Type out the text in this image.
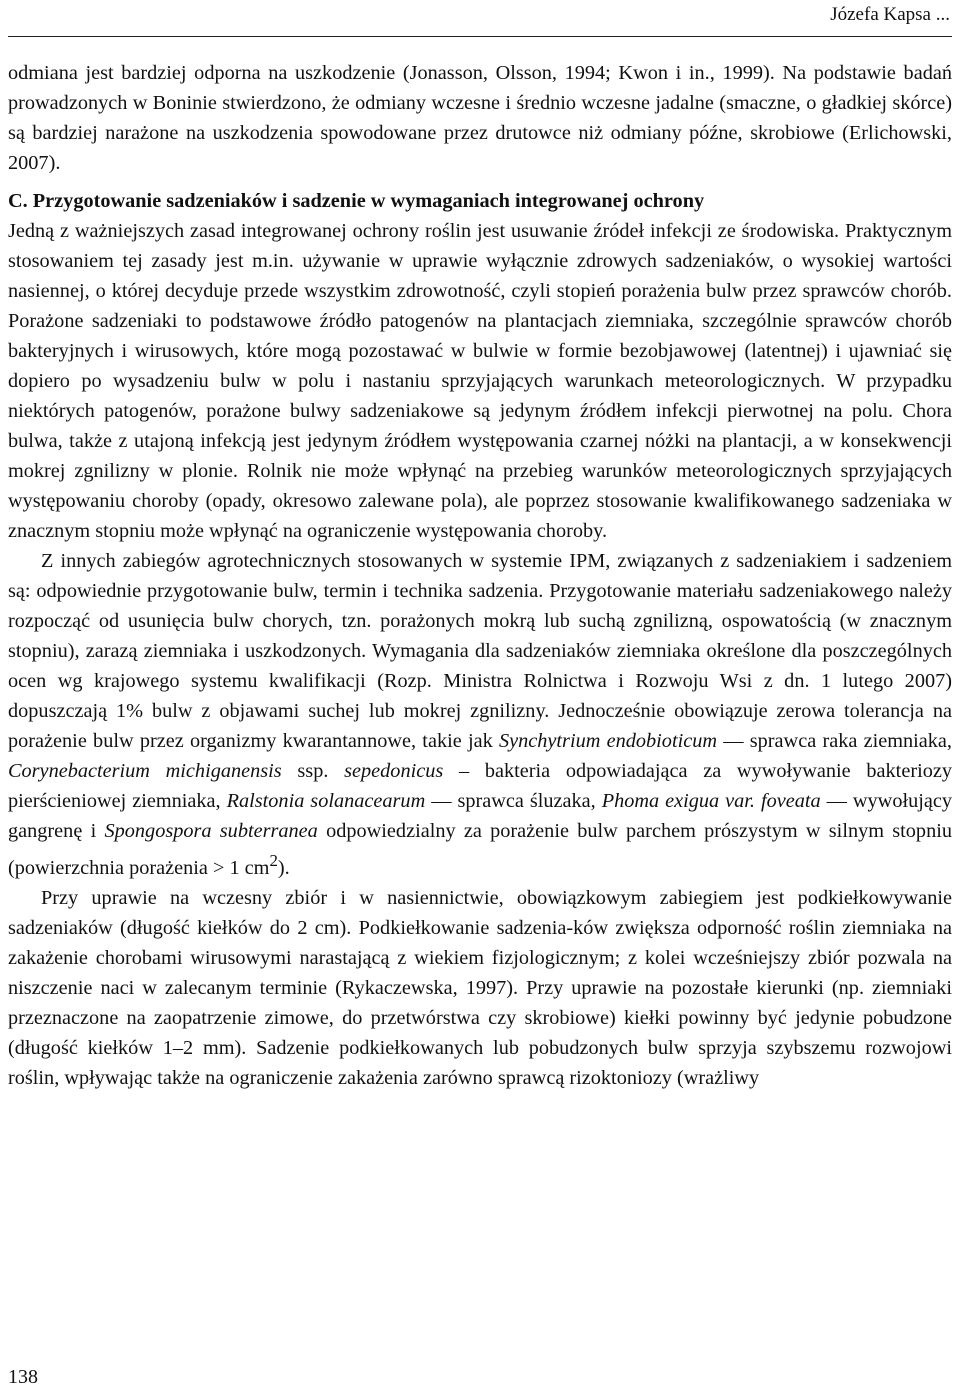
Józefa Kapsa ...

odmiana jest bardziej odporna na uszkodzenie (Jonasson, Olsson, 1994; Kwon i in., 1999). Na podstawie badań prowadzonych w Boninie stwierdzono, że odmiany wczesne i średnio wczesne jadalne (smaczne, o gładkiej skórce) są bardziej narażone na uszkodzenia spowodowane przez drutowce niż odmiany późne, skrobiowe (Erlichowski, 2007).

C. Przygotowanie sadzeniaków i sadzenie w wymaganiach integrowanej ochrony

Jedną z ważniejszych zasad integrowanej ochrony roślin jest usuwanie źródeł infekcji ze środowiska. Praktycznym stosowaniem tej zasady jest m.in. używanie w uprawie wyłącznie zdrowych sadzeniaków, o wysokiej wartości nasiennej, o której decyduje przede wszystkim zdrowotność, czyli stopień porażenia bulw przez sprawców chorób. Porażone sadzeniaki to podstawowe źródło patogenów na plantacjach ziemniaka, szczególnie sprawców chorób bakteryjnych i wirusowych, które mogą pozostawać w bulwie w formie bezobjawowej (latentnej) i ujawniać się dopiero po wysadzeniu bulw w polu i nastaniu sprzyjających warunkach meteorologicznych. W przypadku niektórych patogenów, porażone bulwy sadzeniakowe są jedynym źródłem infekcji pierwotnej na polu. Chora bulwa, także z utajoną infekcją jest jedynym źródłem występowania czarnej nóżki na plantacji, a w konsekwencji mokrej zgnilizny w plonie. Rolnik nie może wpłynąć na przebieg warunków meteorologicznych sprzyjających występowaniu choroby (opady, okresowo zalewane pola), ale poprzez stosowanie kwalifikowanego sadzeniaka w znacznym stopniu może wpłynąć na ograniczenie występowania choroby.

Z innych zabiegów agrotechnicznych stosowanych w systemie IPM, związanych z sadzeniakiem i sadzeniem są: odpowiednie przygotowanie bulw, termin i technika sadzenia. Przygotowanie materiału sadzeniakowego należy rozpocząć od usunięcia bulw chorych, tzn. porażonych mokrą lub suchą zgnilizną, ospowatością (w znacznym stopniu), zarazą ziemniaka i uszkodzonych. Wymagania dla sadzeniaków ziemniaka określone dla poszczególnych ocen wg krajowego systemu kwalifikacji (Rozp. Ministra Rolnictwa i Rozwoju Wsi z dn. 1 lutego 2007) dopuszczają 1% bulw z objawami suchej lub mokrej zgnilizny. Jednocześnie obowiązuje zerowa tolerancja na porażenie bulw przez organizmy kwarantannowe, takie jak Synchytrium endobioticum — sprawca raka ziemniaka, Corynebacterium michiganensis ssp. sepedonicus – bakteria odpowiadająca za wywoływanie bakteriozy pierścieniowej ziemniaka, Ralstonia solanacearum — sprawca śluzaka, Phoma exigua var. foveata — wywołujący gangrenę i Spongospora subterranea odpowiedzialny za porażenie bulw parchem prószystym w silnym stopniu (powierzchnia porażenia > 1 $cm^2$).

Przy uprawie na wczesny zbiór i w nasiennictwie, obowiązkowym zabiegiem jest podkiełkowywanie sadzeniaków (długość kiełków do 2 cm). Podkiełkowanie sadzenia-ków zwiększa odporność roślin ziemniaka na zakażenie chorobami wirusowymi narastającą z wiekiem fizjologicznym; z kolei wcześniejszy zbiór pozwala na niszczenie naci w zalecanym terminie (Rykaczewska, 1997). Przy uprawie na pozostałe kierunki (np. ziemniaki przeznaczone na zaopatrzenie zimowe, do przetwórstwa czy skrobiowe) kiełki powinny być jedynie pobudzone (długość kiełków 1–2 mm). Sadzenie podkiełkowanych lub pobudzonych bulw sprzyja szybszemu rozwojowi roślin, wpływając także na ograniczenie zakażenia zarówno sprawcą rizoktoniozy (wrażliwy

138
